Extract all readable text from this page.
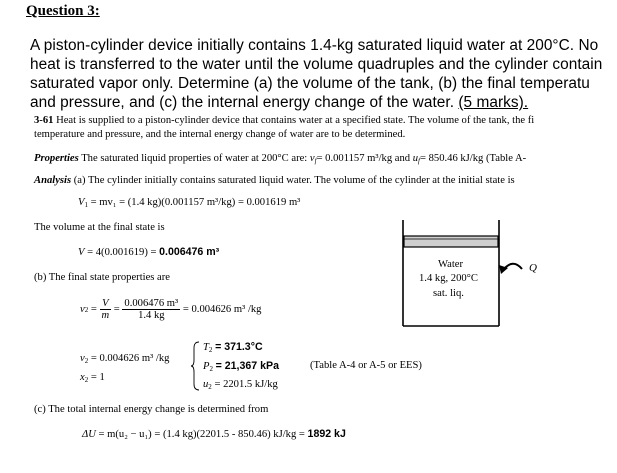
Question 3:
A piston-cylinder device initially contains 1.4-kg saturated liquid water at 200°C. No
heat is transferred to the water until the volume quadruples and the cylinder contain
saturated vapor only. Determine (a) the volume of the tank, (b) the final temperatu
and pressure, and (c) the internal energy change of the water. (5 marks).
3-61 Heat is supplied to a piston-cylinder device that contains water at a specified state. The volume of the tank, the fi
temperature and pressure, and the internal energy change of water are to be determined.
Properties The saturated liquid properties of water at 200°C are: $v_f= 0.001157$ m³/kg and $u_f= 850.46$ kJ/kg (Table A-
Analysis (a) The cylinder initially contains saturated liquid water. The volume of the cylinder at the initial state is
$V_1 = mv_1 = (1.4$ kg)(0.001157 m³/kg) = 0.001619 m³
The volume at the final state is
V = 4(0.001619) = 0.006476 m³
(b) The final state properties are
v $2 = \frac{V}{m} = \frac{\text{0.006476 m³}}{1.4 kg}$
= 0.004626 m³ /kg
$v_2 = 0.004626$ m³ /kg
$x_2 = 1$
$T_2 = 371.3^\circ C$
$P_2 = 21,367$ kPa
$u_2 = 2201.5$ kJ/kg
(Table A-4 or A-5 or EES)
(c) The total internal energy change is determined from
ΔU = m(u₂ − u₁) = (1.4 kg)(2201.5 - 850.46) kJ/kg = 1892 kJ
Water
1.4 kg, 200°C
sat. liq.
Q
